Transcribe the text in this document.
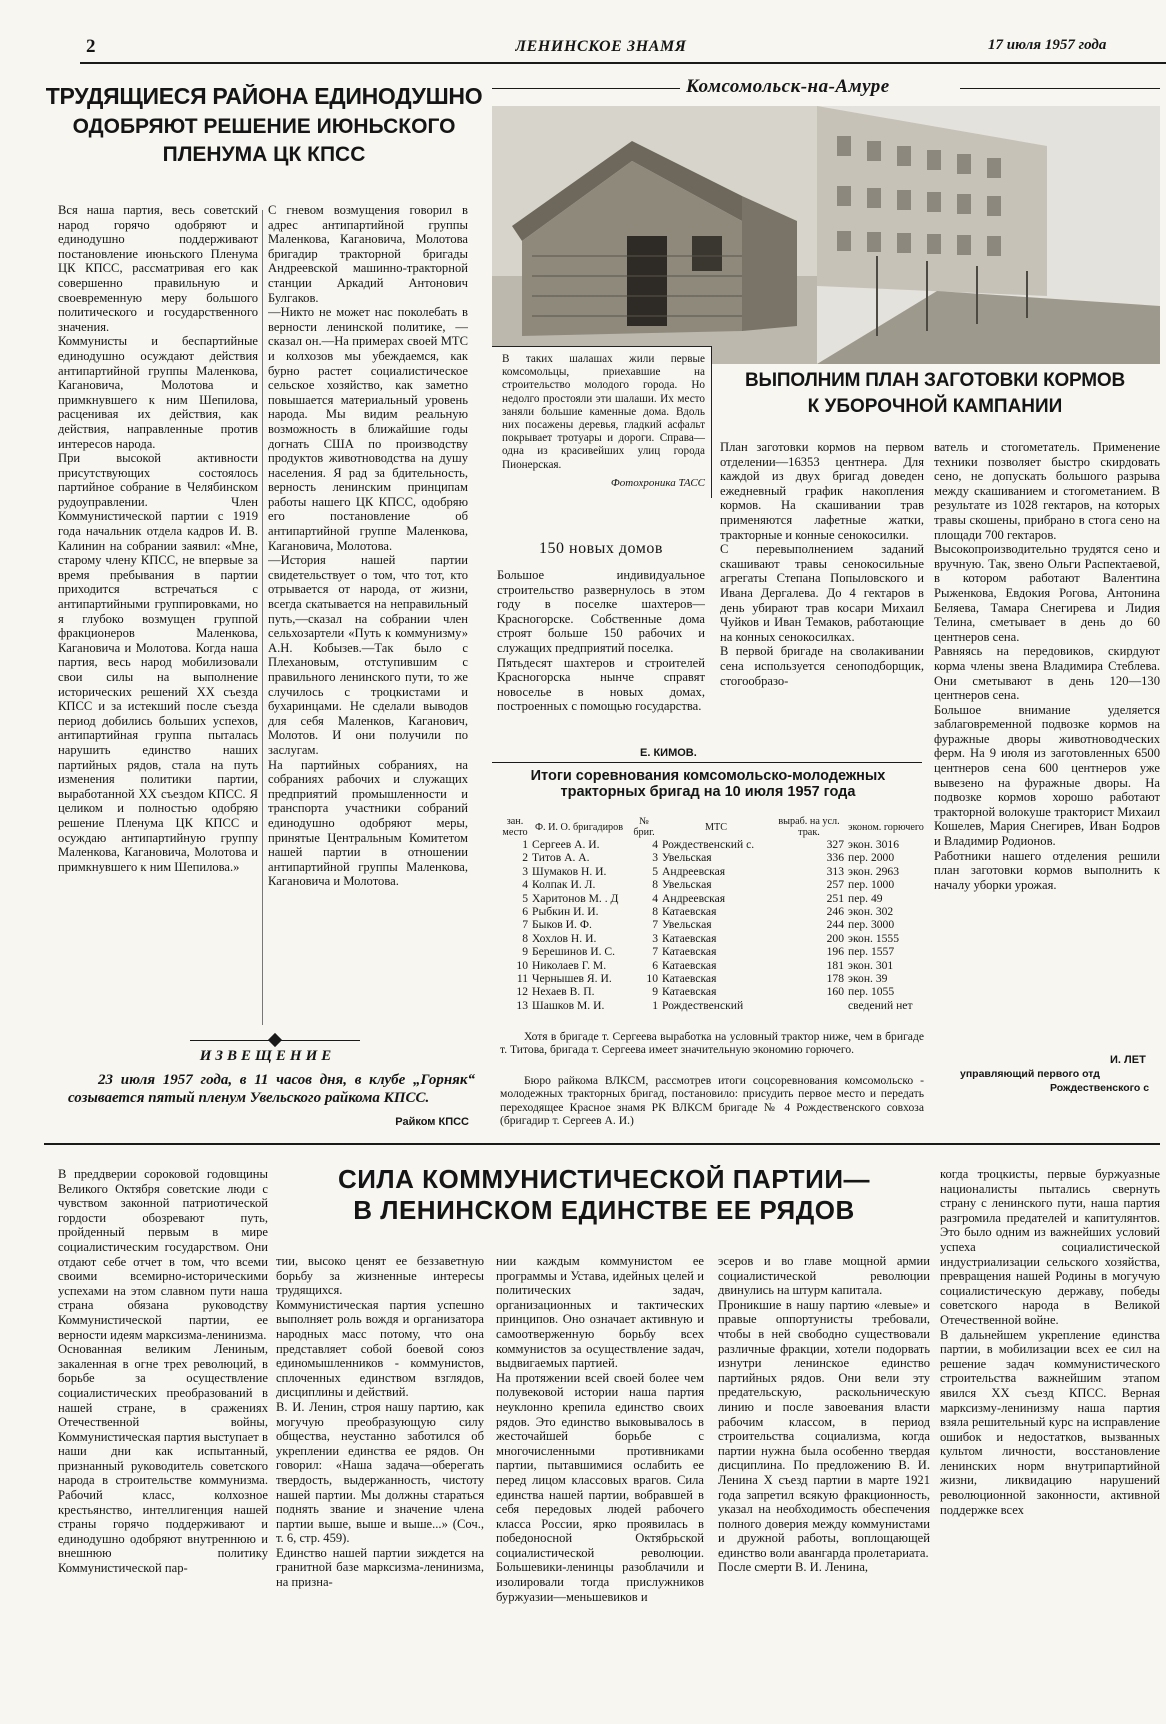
2	ЛЕНИНСКОЕ ЗНАМЯ	17 июля 1957 года
ТРУДЯЩИЕСЯ РАЙОНА ЕДИНОДУШНО
ОДОБРЯЮТ РЕШЕНИЕ ИЮНЬСКОГО
ПЛЕНУМА ЦК КПСС
Вся наша партия, весь советский народ горячо одобряют и единодушно поддерживают постановление июньского Пленума ЦК КПСС, рассматривая его как совершенно правильную и своевременную меру большого политического и государственного значения.
Коммунисты и беспартийные единодушно осуждают действия антипартийной группы Маленкова, Кагановича, Молотова и примкнувшего к ним Шепилова, расценивая их действия, как действия, направленные против интересов народа.
При высокой активности присутствующих состоялось партийное собрание в Челябинском рудоуправлении. Член Коммунистической партии с 1919 года начальник отдела кадров И. В. Калинин на собрании заявил: «Мне, старому члену КПСС, не впервые за время пребывания в партии приходится встречаться с антипартийными группировками, но я глубоко возмущен группой фракционеров Маленкова, Кагановича и Молотова. Когда наша партия, весь народ мобилизовали свои силы на выполнение исторических решений XX съезда КПСС и за истекший после съезда период добились больших успехов, антипартийная группа пыталась нарушить единство наших партийных рядов, стала на путь изменения политики партии, выработанной XX съездом КПСС. Я целиком и полностью одобряю решение Пленума ЦК КПСС и осуждаю антипартийную группу Маленкова, Кагановича, Молотова и примкнувшего к ним Шепилова.»
С гневом возмущения говорил в адрес антипартийной группы Маленкова, Кагановича, Молотова бригадир тракторной бригады Андреевской машинно-тракторной станции Аркадий Антонович Булгаков.
—Никто не может нас поколебать в верности ленинской политике, — сказал он.—На примерах своей МТС и колхозов мы убеждаемся, как бурно растет социалистическое сельское хозяйство, как заметно повышается материальный уровень народа. Мы видим реальную возможность в ближайшие годы догнать США по производству продуктов животноводства на душу населения. Я рад за бдительность, верность ленинским принципам работы нашего ЦК КПСС, одобряю его постановление об антипартийной группе Маленкова, Кагановича, Молотова.
—История нашей партии свидетельствует о том, что тот, кто отрывается от народа, от жизни, всегда скатывается на неправильный путь,—сказал на собрании член сельхозартели «Путь к коммунизму» А.Н. Кобызев.—Так было с Плехановым, отступившим с правильного ленинского пути, то же случилось с троцкистами и бухаринцами. Не сделали выводов для себя Маленков, Каганович, Молотов. И они получили по заслугам.
На партийных собраниях, на собраниях рабочих и служащих предприятий промышленности и транспорта участники собраний единодушно одобряют меры, принятые Центральным Комитетом нашей партии в отношении антипартийной группы Маленкова, Кагановича и Молотова.
ИЗВЕЩЕНИЕ
23 июля 1957 года, в 11 часов дня, в клубе „Горняк“ созывается пятый пленум Увельского райкома КПСС.
Райком КПСС
Комсомольск-на-Амуре
В таких шалашах жили первые комсомольцы, приехавшие на строительство молодого города. Но недолго простояли эти шалаши. Их место заняли большие каменные дома. Вдоль них посажены деревья, гладкий асфальт покрывает тротуары и дороги. Справа—одна из красивейших улиц города Пионерская.
Фотохроника ТАСС
150 новых домов
Большое индивидуальное строительство развернулось в этом году в поселке шахтеров—Красногорске. Собственные дома строят больше 150 рабочих и служащих предприятий поселка.
Пятьдесят шахтеров и строителей Красногорска нынче справят новоселье в новых домах, построенных с помощью государства.
Е. КИМОВ.
ВЫПОЛНИМ ПЛАН ЗАГОТОВКИ КОРМОВ
К УБОРОЧНОЙ КАМПАНИИ
План заготовки кормов на первом отделении—16353 центнера. Для каждой из двух бригад доведен ежедневный график накопления кормов. На скашивании трав применяются лафетные жатки, тракторные и конные сенокосилки.
С перевыполнением заданий скашивают травы сенокосильные агрегаты Степана Попыловского и Ивана Дергалева. До 4 гектаров в день убирают трав косари Михаил Чуйков и Иван Темаков, работающие на конных сенокосилках.
В первой бригаде на сволакивании сена используется сеноподборщик, стогообразо-
ватель и стогометатель. Применение техники позволяет быстро скирдовать сено, не допускать большого разрыва между скашиванием и стогометанием. В результате из 1028 гектаров, на которых травы скошены, прибрано в стога сено на площади 700 гектаров.
Высокопроизводительно трудятся сено и вручную. Так, звено Ольги Распектаевой, в котором работают Валентина Рыженкова, Евдокия Рогова, Антонина Беляева, Тамара Снегирева и Лидия Телина, сметывает в день до 60 центнеров сена.
Равняясь на передовиков, скирдуют корма члены звена Владимира Стеблева. Они сметывают в день 120—130 центнеров сена.
Большое внимание уделяется заблаговременной подвозке кормов на фуражные дворы животноводческих ферм. На 9 июля из заготовленных 6500 центнеров сена 600 центнеров уже вывезено на фуражные дворы. На подвозке кормов хорошо работают тракторной волокуше тракторист Михаил Кошелев, Мария Снегирев, Иван Бодров и Владимир Родионов.
Работники нашего отделения решили план заготовки кормов выполнить к началу уборки урожая.
И. ЛЕТ
управляющий первого отд
Рождественского с
Итоги соревнования комсомольско-молодежных
тракторных бригад на 10 июля 1957 года
зан. место	Ф. И. О. бригадиров	№ бриг.	МТС	выраб. на усл. трак.	эконом. горючего
1	Сергеев А. И.	4	Рождественский с.	327	экон. 3016
2	Титов А. А.	3	Увельская	336	пер. 2000
3	Шумаков Н. И.	5	Андреевская	313	экон. 2963
4	Колпак И. Л.	8	Увельская	257	пер. 1000
5	Харитонов М. . Д	4	Андреевская	251	пер. 49
6	Рыбкин И. И.	8	Катаевская	246	экон. 302
7	Быков И. Ф.	7	Увельская	244	пер. 3000
8	Хохлов Н. И.	3	Катаевская	200	экон. 1555
9	Берешинов И. С.	7	Катаевская	196	пер. 1557
10	Николаев Г. М.	6	Катаевская	181	экон. 301
11	Чернышев Я. И.	10	Катаевская	178	экон. 39
12	Нехаев В. П.	9	Катаевская	160	пер. 1055
13	Шашков М. И.	1	Рождественский		сведений нет
Хотя в бригаде т. Сергеева выработка на условный трактор ниже, чем в бригаде т. Титова, бригада т. Сергеева имеет значительную экономию горючего.
Бюро райкома ВЛКСМ, рассмотрев итоги соцсоревнования комсомольско - молодежных тракторных бригад, постановило: присудить первое место и передать переходящее Красное знамя РК ВЛКСМ бригаде № 4 Рождественского совхоза (бригадир т. Сергеев А. И.)
СИЛА КОММУНИСТИЧЕСКОЙ ПАРТИИ—
В ЛЕНИНСКОМ ЕДИНСТВЕ ЕЕ РЯДОВ
В преддверии сороковой годовщины Великого Октября советские люди с чувством законной патриотической гордости обозревают путь, пройденный первым в мире социалистическим государством. Они отдают себе отчет в том, что всеми своими всемирно-историческими успехами на этом славном пути наша страна обязана руководству Коммунистической партии, ее верности идеям марксизма-ленинизма.
Основанная великим Лениным, закаленная в огне трех революций, в борьбе за осуществление социалистических преобразований в нашей стране, в сражениях Отечественной войны, Коммунистическая партия выступает в наши дни как испытанный, признанный руководитель советского народа в строительстве коммунизма. Рабочий класс, колхозное крестьянство, интеллигенция нашей страны горячо поддерживают и единодушно одобряют внутреннюю и внешнюю политику Коммунистической пар-
тии, высоко ценят ее беззаветную борьбу за жизненные интересы трудящихся.
Коммунистическая партия успешно выполняет роль вождя и организатора народных масс потому, что она представляет собой боевой союз единомышленников - коммунистов, сплоченных единством взглядов, дисциплины и действий.
В. И. Ленин, строя нашу партию, как могучую преобразующую силу общества, неустанно заботился об укреплении единства ее рядов. Он говорил: «Наша задача—оберегать твердость, выдержанность, чистоту нашей партии. Мы должны стараться поднять звание и значение члена партии выше, выше и выше...» (Соч., т. 6, стр. 459).
Единство нашей партии зиждется на гранитной базе марксизма-ленинизма, на призна-
нии каждым коммунистом ее программы и Устава, идейных целей и политических задач, организационных и тактических принципов. Оно означает активную и самоотверженную борьбу всех коммунистов за осуществление задач, выдвигаемых партией.
На протяжении всей своей более чем полувековой истории наша партия неуклонно крепила единство своих рядов. Это единство выковывалось в жесточайшей борьбе с многочисленными противниками партии, пытавшимися ослабить ее перед лицом классовых врагов. Сила единства нашей партии, вобравшей в себя передовых людей рабочего класса России, ярко проявилась в победоносной Октябрьской социалистической революции. Большевики-ленинцы разоблачили и изолировали тогда прислужников буржуазии—меньшевиков и
эсеров и во главе мощной армии социалистической революции двинулись на штурм капитала.
Проникшие в нашу партию «левые» и правые оппортунисты требовали, чтобы в ней свободно существовали различные фракции, хотели подорвать изнутри ленинское единство партийных рядов. Они вели эту предательскую, раскольническую линию и после завоевания власти рабочим классом, в период строительства социализма, когда партии нужна была особенно твердая дисциплина. По предложению В. И. Ленина X съезд партии в марте 1921 года запретил всякую фракционность, указал на необходимость обеспечения полного доверия между коммунистами и дружной работы, воплощающей единство воли авангарда пролетариата.
После смерти В. И. Ленина,
когда троцкисты, первые буржуазные националисты пытались свернуть страну с ленинского пути, наша партия разгромила предателей и капитулянтов. Это было одним из важнейших условий успеха социалистической индустриализации сельского хозяйства, превращения нашей Родины в могучую социалистическую державу, победы советского народа в Великой Отечественной войне.
В дальнейшем укрепление единства партии, в мобилизации всех ее сил на решение задач коммунистического строительства важнейшим этапом явился XX съезд КПСС. Верная марксизму-ленинизму наша партия взяла решительный курс на исправление ошибок и недостатков, вызванных культом личности, восстановление ленинских норм внутрипартийной жизни, ликвидацию нарушений революционной законности, активной поддержке всех
